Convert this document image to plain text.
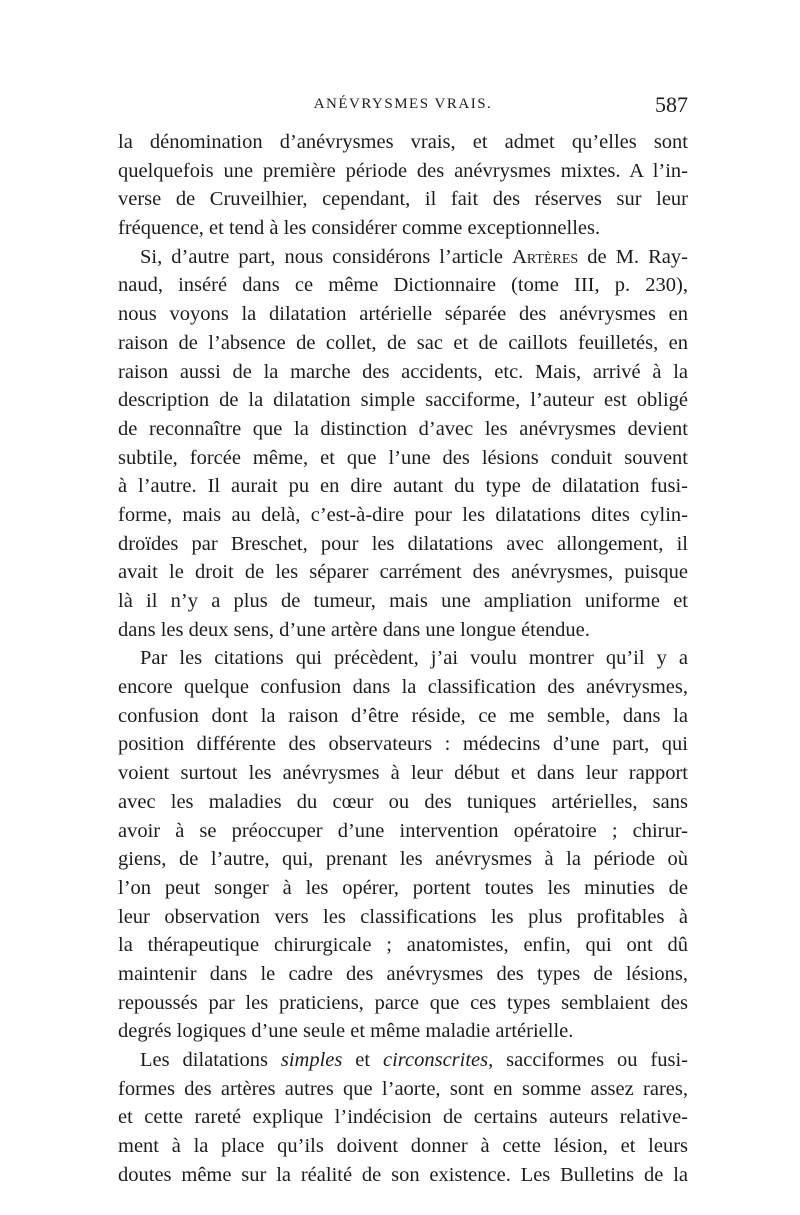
ANÉVRYSMES VRAIS.	587
la dénomination d’anévrysmes vrais, et admet qu’elles sont
quelquefois une première période des anévrysmes mixtes. A l’in-
verse de Cruveilhier, cependant, il fait des réserves sur leur
fréquence, et tend à les considérer comme exceptionnelles.
Si, d’autre part, nous considérons l’article Artères de M. Ray-
naud, inséré dans ce même Dictionnaire (tome III, p. 230),
nous voyons la dilatation artérielle séparée des anévrysmes en
raison de l’absence de collet, de sac et de caillots feuilletés, en
raison aussi de la marche des accidents, etc. Mais, arrivé à la
description de la dilatation simple sacciforme, l’auteur est obligé
de reconnaître que la distinction d’avec les anévrysmes devient
subtile, forcée même, et que l’une des lésions conduit souvent
à l’autre. Il aurait pu en dire autant du type de dilatation fusi-
forme, mais au delà, c’est-à-dire pour les dilatations dites cylin-
droïdes par Breschet, pour les dilatations avec allongement, il
avait le droit de les séparer carrément des anévrysmes, puisque
là il n’y a plus de tumeur, mais une ampliation uniforme et
dans les deux sens, d’une artère dans une longue étendue.
Par les citations qui précèdent, j’ai voulu montrer qu’il y a
encore quelque confusion dans la classification des anévrysmes,
confusion dont la raison d’être réside, ce me semble, dans la
position différente des observateurs : médecins d’une part, qui
voient surtout les anévrysmes à leur début et dans leur rapport
avec les maladies du cœur ou des tuniques artérielles, sans
avoir à se préoccuper d’une intervention opératoire ; chirur-
giens, de l’autre, qui, prenant les anévrysmes à la période où
l’on peut songer à les opérer, portent toutes les minuties de
leur observation vers les classifications les plus profitables à
la thérapeutique chirurgicale ; anatomistes, enfin, qui ont dû
maintenir dans le cadre des anévrysmes des types de lésions,
repoussés par les praticiens, parce que ces types semblaient des
degrés logiques d’une seule et même maladie artérielle.
Les dilatations simples et circonscrites, sacciformes ou fusi-
formes des artères autres que l’aorte, sont en somme assez rares,
et cette rareté explique l’indécision de certains auteurs relative-
ment à la place qu’ils doivent donner à cette lésion, et leurs
doutes même sur la réalité de son existence. Les Bulletins de la
